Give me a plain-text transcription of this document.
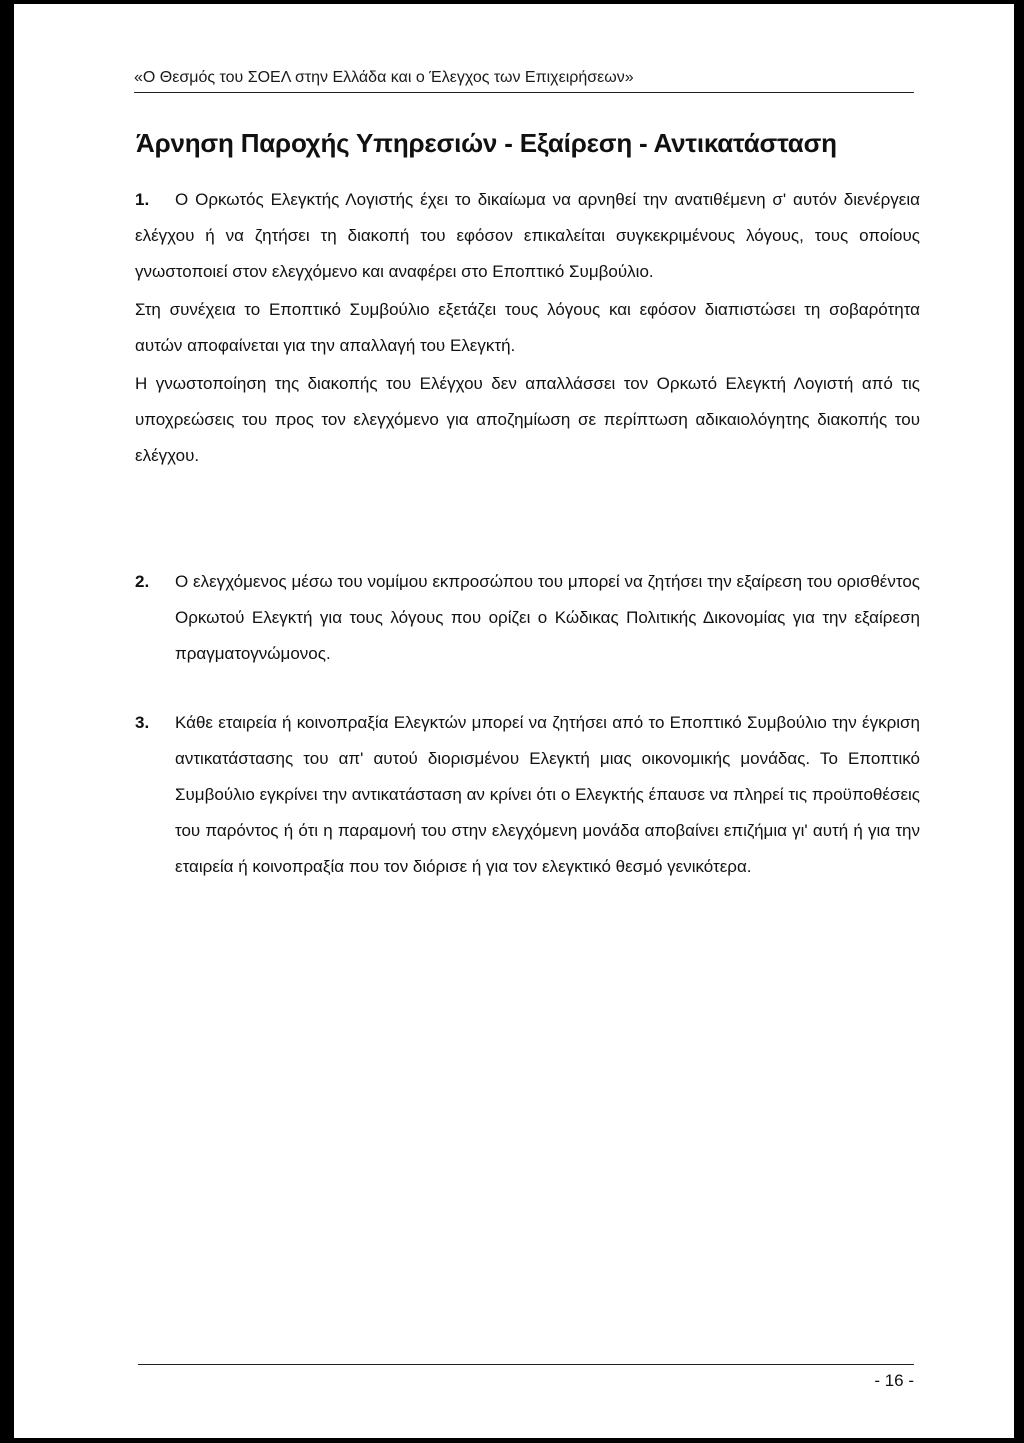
«Ο Θεσμός του ΣΟΕΛ στην Ελλάδα και ο Έλεγχος των Επιχειρήσεων»
Άρνηση Παροχής Υπηρεσιών - Εξαίρεση - Αντικατάσταση
1.	Ο Ορκωτός Ελεγκτής Λογιστής έχει το δικαίωμα να αρνηθεί την ανατιθέμενη σ' αυτόν διενέργεια ελέγχου ή να ζητήσει τη διακοπή του εφόσον επικαλείται συγκεκριμένους λόγους, τους οποίους γνωστοποιεί στον ελεγχόμενο και αναφέρει στο Εποπτικό Συμβούλιο.

Στη συνέχεια το Εποπτικό Συμβούλιο εξετάζει τους λόγους και εφόσον διαπιστώσει τη σοβαρότητα αυτών αποφαίνεται για την απαλλαγή του Ελεγκτή.

Η γνωστοποίηση της διακοπής του Ελέγχου δεν απαλλάσσει τον Ορκωτό Ελεγκτή Λογιστή από τις υποχρεώσεις του προς τον ελεγχόμενο για αποζημίωση σε περίπτωση αδικαιολόγητης διακοπής του ελέγχου.

2. Ο ελεγχόμενος μέσω του νομίμου εκπροσώπου του μπορεί να ζητήσει την εξαίρεση του ορισθέντος Ορκωτού Ελεγκτή για τους λόγους που ορίζει ο Κώδικας Πολιτικής Δικονομίας για την εξαίρεση πραγματογνώμονος.

3. Κάθε εταιρεία ή κοινοπραξία Ελεγκτών μπορεί να ζητήσει από το Εποπτικό Συμβούλιο την έγκριση αντικατάστασης του απ' αυτού διορισμένου Ελεγκτή μιας οικονομικής μονάδας. Το Εποπτικό Συμβούλιο εγκρίνει την αντικατάσταση αν κρίνει ότι ο Ελεγκτής έπαυσε να πληρεί τις προϋποθέσεις του παρόντος ή ότι η παραμονή του στην ελεγχόμενη μονάδα αποβαίνει επιζήμια γι' αυτή ή για την εταιρεία ή κοινοπραξία που τον διόρισε ή για τον ελεγκτικό θεσμό γενικότερα.

- 16 -
